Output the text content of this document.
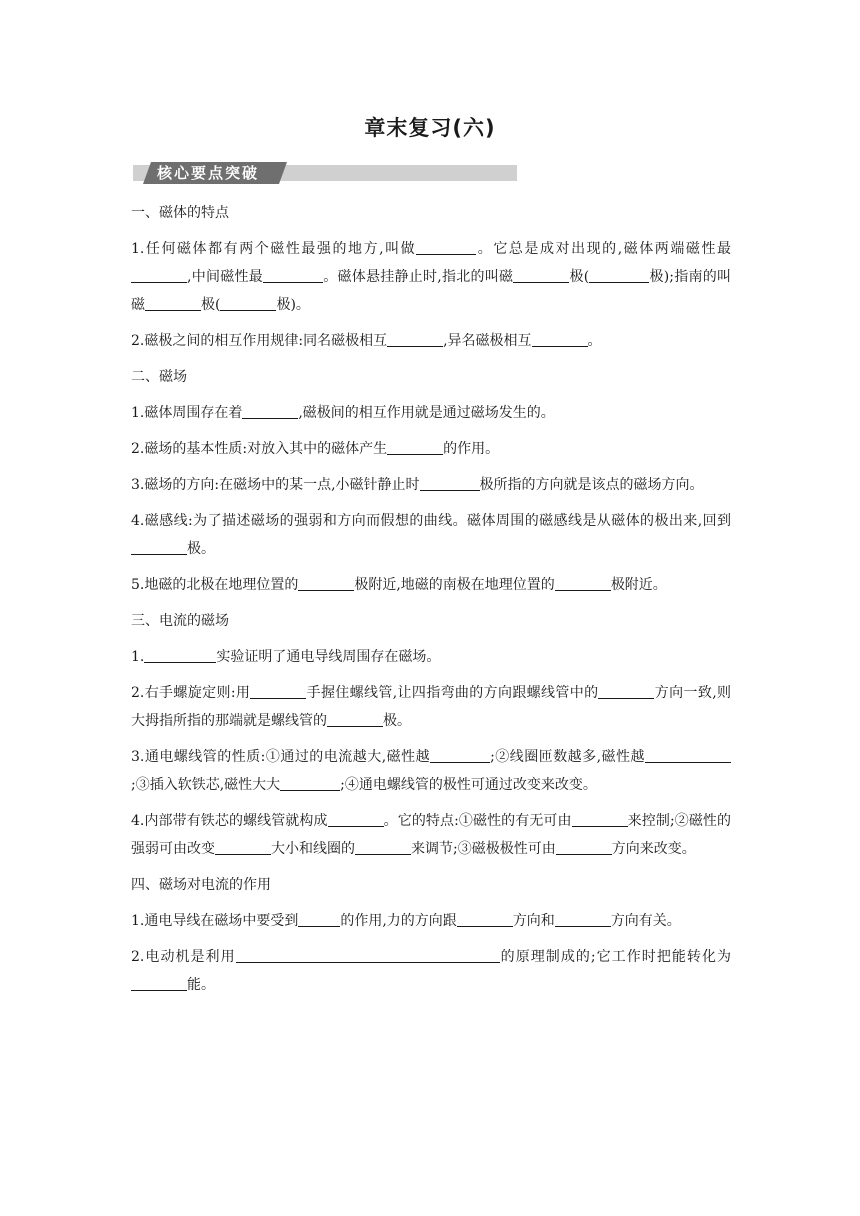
章末复习(六)
核心要点突破
一、磁体的特点
1.任何磁体都有两个磁性最强的地方,叫做	。它总是成对出现的,磁体两端磁性最,中间磁性最	。磁体悬挂静止时,指北的叫磁	极(	极);指南的叫磁	极(	极)。
2.磁极之间的相互作用规律:同名磁极相互	,异名磁极相互	。
二、磁场
1.磁体周围存在着	,磁极间的相互作用就是通过磁场发生的。
2.磁场的基本性质:对放入其中的磁体产生	的作用。
3.磁场的方向:在磁场中的某一点,小磁针静止时	极所指的方向就是该点的磁场方向。
4.磁感线:为了描述磁场的强弱和方向而假想的曲线。磁体周围的磁感线是从磁体的极出来,回到极。
5.地磁的北极在地理位置的	极附近,地磁的南极在地理位置的	极附近。
三、电流的磁场
1.	实验证明了通电导线周围存在磁场。
2.右手螺旋定则:用	手握住螺线管,让四指弯曲的方向跟螺线管中的	方向一致,则大拇指所指的那端就是螺线管的	极。
3.通电螺线管的性质:①通过的电流越大,磁性越	;②线圈匝数越多,磁性越;③插入软铁芯,磁性大大	;④通电螺线管的极性可通过改变来改变。
4.内部带有铁芯的螺线管就构成	。它的特点:①磁性的有无可由	来控制;②磁性的强弱可由改变	大小和线圈的	来调节;③磁极极性可由	方向来改变。
四、磁场对电流的作用
1.通电导线在磁场中要受到	的作用,力的方向跟	方向和	方向有关。
2.电动机是利用	的原理制成的;它工作时把能转化为能。
